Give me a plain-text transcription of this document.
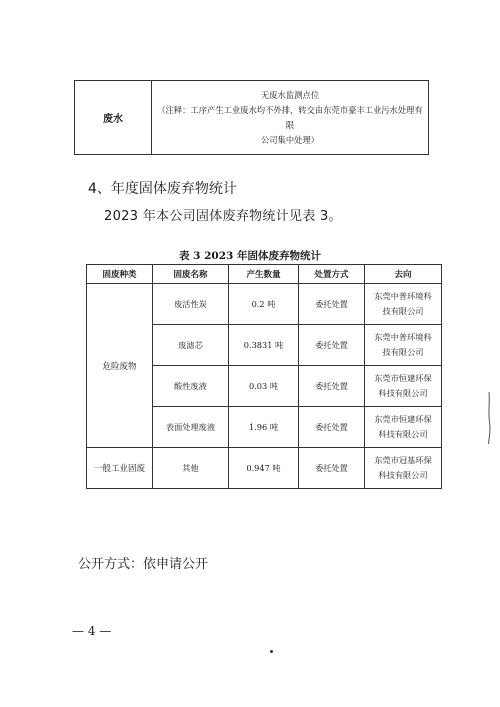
废水	
无废水监测点位
（注释：工序产生工业废水均不外排，转交由东莞市豪丰工业污水处理有限
公司集中处理）
4、年度固体废弃物统计
2023 年本公司固体废弃物统计见表 3。
表 3 2023 年固体废弃物统计
固废种类	固废名称	产生数量	处置方式	去向
危险废物	废活性炭	0.2 吨	委托处置	东莞中普环境科
技有限公司

	废滤芯	0.3831 吨	委托处置	东莞中普环境科
技有限公司

	酸性废液	0.03 吨	委托处置	东莞市恒建环保
科技有限公司

	表面处理废液	1.96 吨	委托处置	东莞市恒建环保
科技有限公司

一般工业固废	其他	0.947 吨	委托处置	东莞市冠基环保
科技有限公司
公开方式：依申请公开
— 4 —
